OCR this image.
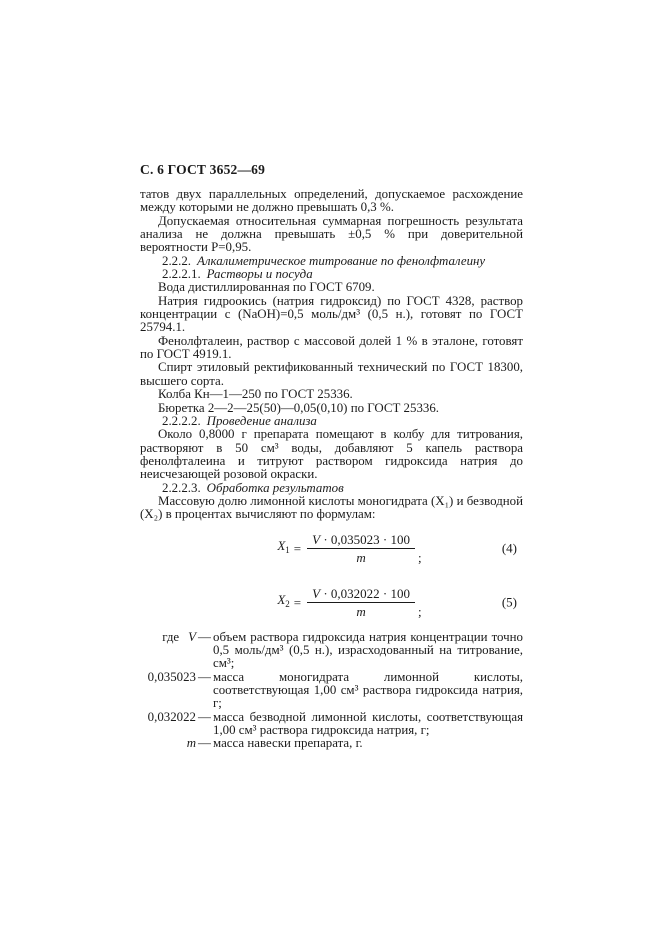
С. 6 ГОСТ 3652—69

татов двух параллельных определений, допускаемое расхождение между которыми не должно превышать 0,3 %.

Допускаемая относительная суммарная погрешность результата анализа не должна превышать ±0,5 % при доверительной вероятности Р=0,95.

2.2.2. Алкалиметрическое титрование по фенолфталеину

2.2.2.1. Растворы и посуда

Вода дистиллированная по ГОСТ 6709.

Натрия гидроокись (натрия гидроксид) по ГОСТ 4328, раствор концентрации с (NaOH)=0,5 моль/дм³ (0,5 н.), готовят по ГОСТ 25794.1.

Фенолфталеин, раствор с массовой долей 1 % в эталоне, готовят по ГОСТ 4919.1.

Спирт этиловый ректификованный технический по ГОСТ 18300, высшего сорта.

Колба Кн—1—250 по ГОСТ 25336.

Бюретка 2—2—25(50)—0,05(0,10) по ГОСТ 25336.

2.2.2.2. Проведение анализа

Около 0,8000 г препарата помещают в колбу для титрования, растворяют в 50 см³ воды, добавляют 5 капель раствора фенолфталеина и титруют раствором гидроксида натрия до неисчезающей розовой окраски.

2.2.2.3. Обработка результатов

Массовую долю лимонной кислоты моногидрата (X₁) и безводной (X₂) в процентах вычисляют по формулам:

$X_1 = \frac{V \cdot 0,035023 \cdot 100}{m}$ ;
(4)
$X_2 = \frac{V \cdot 0,032022 \cdot 100}{m}$ ;
(5)
где V — объем раствора гидроксида натрия концентрации точно 0,5 моль/дм³ (0,5 н.), израсходованный на титрование, см³;
0,035023 — масса моногидрата лимонной кислоты, соответствующая 1,00 см³ раствора гидроксида натрия, г;
0,032022 — масса безводной лимонной кислоты, соответствующая 1,00 см³ раствора гидроксида натрия, г;
m — масса навески препарата, г.
